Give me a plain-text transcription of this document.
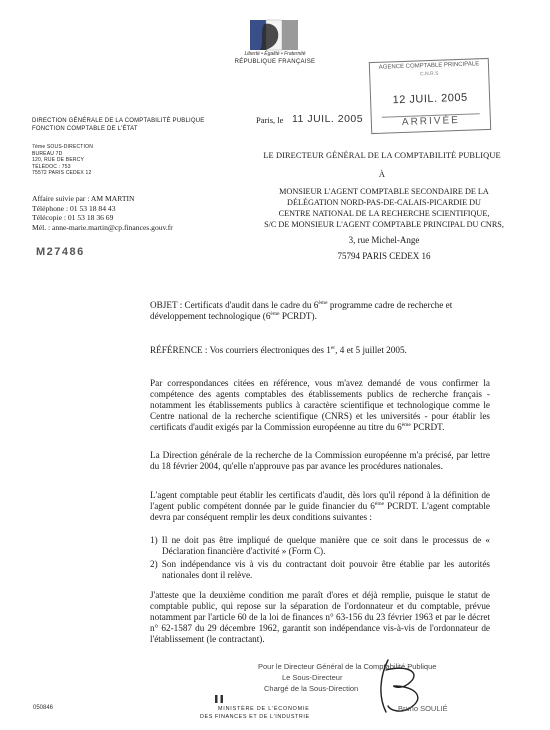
Liberté • Égalité • Fraternité
RÉPUBLIQUE FRANÇAISE	AGENCE COMPTABLE PRINCIPALE
C.N.R.S
12 JUIL. 2005
ARRIVÉE
DIRECTION GÉNÉRALE DE LA COMPTABILITÉ PUBLIQUE
FONCTION COMPTABLE DE L'ÉTAT
7ème SOUS-DIRECTION
BUREAU 7D
120, RUE DE BERCY
TÉLÉDOC : 753
75572 PARIS CEDEX 12
Affaire suivie par : AM MARTIN
Téléphone : 01 53 18 84 43
Télécopie : 01 53 18 36 69
Mél. : anne-marie.martin@cp.finances.gouv.fr
M27486
Paris, le 11 JUIL. 2005
LE DIRECTEUR GÉNÉRAL DE LA COMPTABILITÉ PUBLIQUE
À
MONSIEUR L'AGENT COMPTABLE SECONDAIRE DE LA
DÉLÉGATION NORD-PAS-DE-CALAIS-PICARDIE DU
CENTRE NATIONAL DE LA RECHERCHE SCIENTIFIQUE,
S/C DE MONSIEUR L'AGENT COMPTABLE PRINCIPAL DU CNRS,
3, rue Michel-Ange
75794 PARIS CEDEX 16
OBJET : Certificats d'audit dans le cadre du 6ème programme cadre de recherche et développement technologique (6ème PCRDT).
RÉFÉRENCE : Vos courriers électroniques des 1er, 4 et 5 juillet 2005.
Par correspondances citées en référence, vous m'avez demandé de vous confirmer la compétence des agents comptables des établissements publics de recherche français - notamment les établissements publics à caractère scientifique et technologique comme le Centre national de la recherche scientifique (CNRS) et les universités - pour établir les certificats d'audit exigés par la Commission européenne au titre du 6ème PCRDT.
La Direction générale de la recherche de la Commission européenne m'a précisé, par lettre du 18 février 2004, qu'elle n'approuve pas par avance les procédures nationales.
L'agent comptable peut établir les certificats d'audit, dès lors qu'il répond à la définition de l'agent public compétent donnée par le guide financier du 6ème PCRDT. L'agent comptable devra par conséquent remplir les deux conditions suivantes :
1) Il ne doit pas être impliqué de quelque manière que ce soit dans le processus de « Déclaration financière d'activité » (Form C).
2) Son indépendance vis à vis du contractant doit pouvoir être établie par les autorités nationales dont il relève.
J'atteste que la deuxième condition me paraît d'ores et déjà remplie, puisque le statut de comptable public, qui repose sur la séparation de l'ordonnateur et du comptable, prévue notamment par l'article 60 de la loi de finances n° 63-156 du 23 février 1963 et par le décret n° 62-1587 du 29 décembre 1962, garantit son indépendance vis-à-vis de l'ordonnateur de l'établissement (le contractant).
Pour le Directeur Général de la Comptabilité Publique
Le Sous-Directeur
Chargé de la Sous-Direction
Bruno SOULIÉ
MINISTÈRE DE L'ÉCONOMIE
DES FINANCES ET DE L'INDUSTRIE
050846
